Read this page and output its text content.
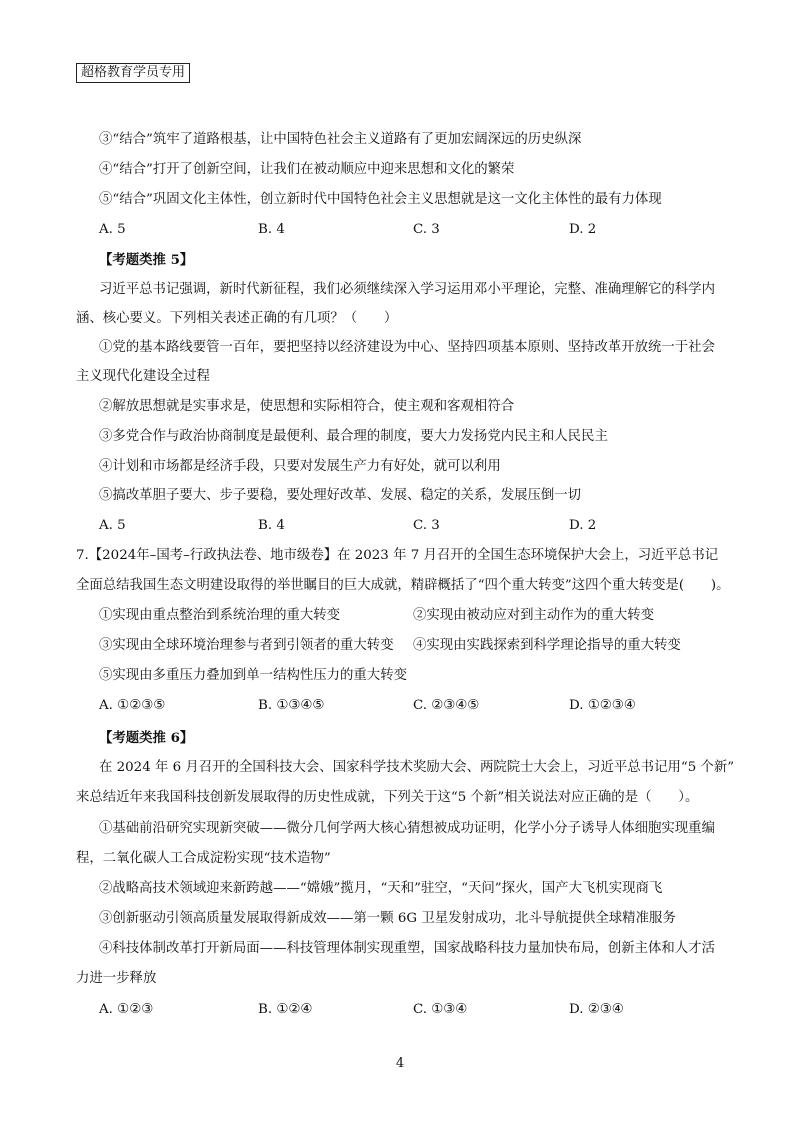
超格教育学员专用
③“结合”筑牢了道路根基，让中国特色社会主义道路有了更加宏阔深远的历史纵深
④“结合”打开了创新空间，让我们在被动顺应中迎来思想和文化的繁荣
⑤“结合”巩固文化主体性，创立新时代中国特色社会主义思想就是这一文化主体性的最有力体现
A. 5	B. 4	C. 3	D. 2
【考题类推 5】
习近平总书记强调，新时代新征程，我们必须继续深入学习运用邓小平理论，完整、准确理解它的科学内
涵、核心要义。下列相关表述正确的有几项？（　　）
①党的基本路线要管一百年，要把坚持以经济建设为中心、坚持四项基本原则、坚持改革开放统一于社会
主义现代化建设全过程
②解放思想就是实事求是，使思想和实际相符合，使主观和客观相符合
③多党合作与政治协商制度是最便利、最合理的制度，要大力发扬党内民主和人民民主
④计划和市场都是经济手段，只要对发展生产力有好处，就可以利用
⑤搞改革胆子要大、步子要稳，要处理好改革、发展、稳定的关系，发展压倒一切
A. 5	B. 4	C. 3	D. 2
7.【2024年–国考–行政执法卷、地市级卷】在 2023 年 7 月召开的全国生态环境保护大会上，习近平总书记
全面总结我国生态文明建设取得的举世瞩目的巨大成就，精辟概括了“四个重大转变”这四个重大转变是(　　)。
①实现由重点整治到系统治理的重大转变	②实现由被动应对到主动作为的重大转变
③实现由全球环境治理参与者到引领者的重大转变 ④实现由实践探索到科学理论指导的重大转变
⑤实现由多重压力叠加到单一结构性压力的重大转变
A. ①②③⑤	B. ①③④⑤	C. ②③④⑤	D. ①②③④
【考题类推 6】
在 2024 年 6 月召开的全国科技大会、国家科学技术奖励大会、两院院士大会上，习近平总书记用“5 个新”
来总结近年来我国科技创新发展取得的历史性成就，下列关于这“5 个新”相关说法对应正确的是（　　）。
①基础前沿研究实现新突破——微分几何学两大核心猜想被成功证明，化学小分子诱导人体细胞实现重编
程，二氧化碳人工合成淀粉实现“技术造物”
②战略高技术领域迎来新跨越——“嫦娥”揽月，“天和”驻空，“天问”探火，国产大飞机实现商飞
③创新驱动引领高质量发展取得新成效——第一颗 6G 卫星发射成功，北斗导航提供全球精准服务
④科技体制改革打开新局面——科技管理体制实现重塑，国家战略科技力量加快布局，创新主体和人才活
力进一步释放
A. ①②③	B. ①②④	C. ①③④	D. ②③④
4
